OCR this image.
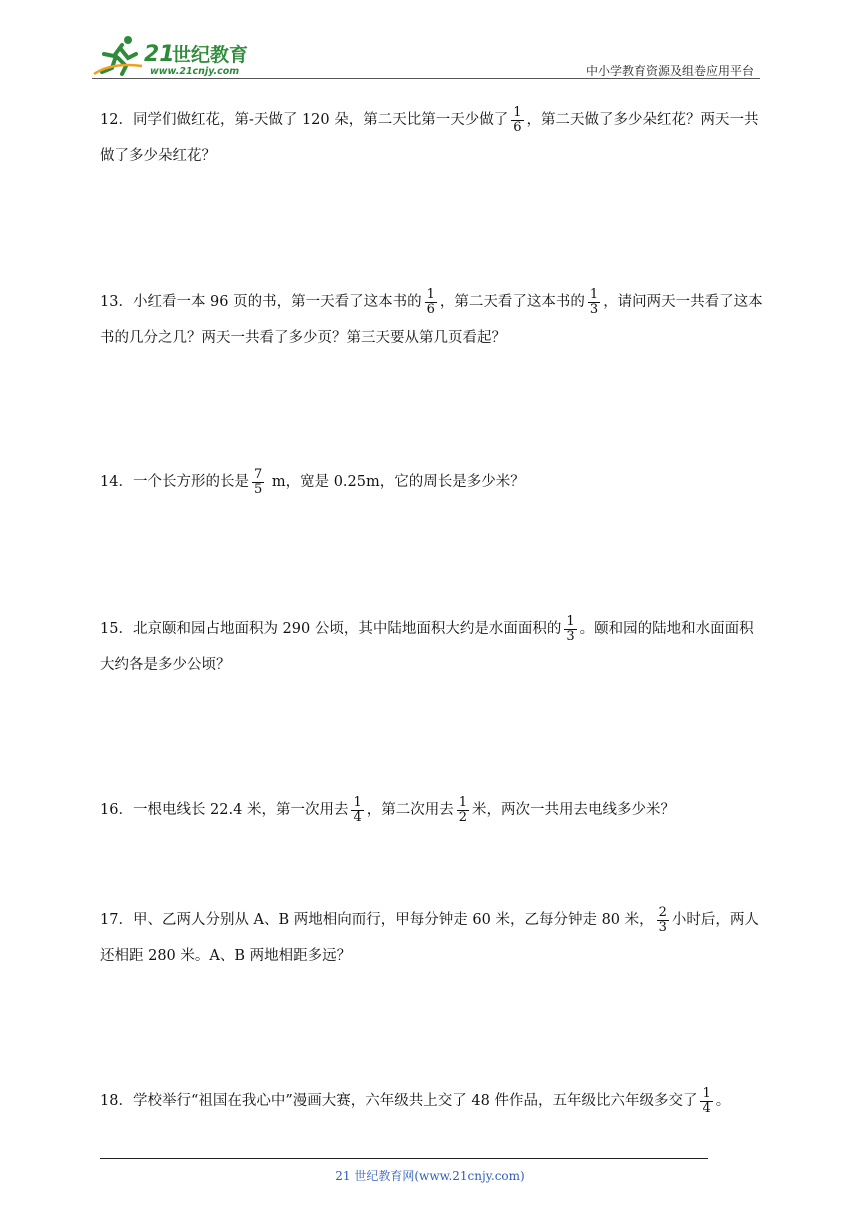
21
世纪教育
www.21cnjy.com	中小学教育资源及组卷应用平台

12．同学们做红花，第-天做了 120 朵，第二天比第一天少做了 $\frac{1}{6}$ ，第二天做了多少朵红花？两天一共做了多少朵红花？

13．小红看一本 96 页的书，第一天看了这本书的 $\frac{1}{6}$ ，第二天看了这本书的 $\frac{1}{3}$ ，请问两天一共看了这本书的几分之几？两天一共看了多少页？第三天要从第几页看起？

14．一个长方形的长是 $\frac{7}{5}$ m，宽是 0.25m，它的周长是多少米？

15．北京颐和园占地面积为 290 公顷，其中陆地面积大约是水面面积的 $\frac{1}{3}$ 。颐和园的陆地和水面面积大约各是多少公顷？

16．一根电线长 22.4 米，第一次用去 $\frac{1}{4}$ ，第二次用去 $\frac{1}{2}$ 米，两次一共用去电线多少米？

17．甲、乙两人分别从 A、B 两地相向而行，甲每分钟走 60 米，乙每分钟走 80 米， $\frac{2}{3}$ 小时后，两人还相距 280 米。A、B 两地相距多远？

18．学校举行“祖国在我心中”漫画大赛，六年级共上交了 48 件作品，五年级比六年级多交了 $\frac{1}{4}$ 。

21 世纪教育网(www.21cnjy.com)
